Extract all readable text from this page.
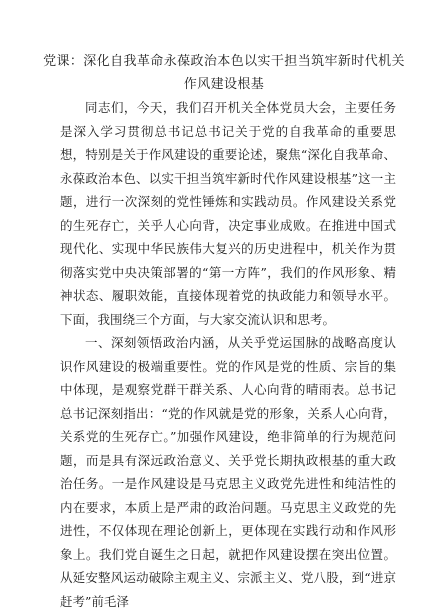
党课：深化自我革命永葆政治本色以实干担当筑牢新时代机关
作风建设根基

同志们，今天，我们召开机关全体党员大会，主要任务是深入学习贯彻总书记总书记关于党的自我革命的重要思想，特别是关于作风建设的重要论述，聚焦“深化自我革命、永葆政治本色、以实干担当筑牢新时代作风建设根基”这一主题，进行一次深刻的党性锤炼和实践动员。作风建设关系党的生死存亡，关乎人心向背，决定事业成败。在推进中国式现代化、实现中华民族伟大复兴的历史进程中，机关作为贯彻落实党中央决策部署的“第一方阵”，我们的作风形象、精神状态、履职效能，直接体现着党的执政能力和领导水平。下面，我围绕三个方面，与大家交流认识和思考。

一、深刻领悟政治内涵，从关乎党运国脉的战略高度认识作风建设的极端重要性。党的作风是党的性质、宗旨的集中体现，是观察党群干群关系、人心向背的晴雨表。总书记总书记深刻指出：“党的作风就是党的形象，关系人心向背，关系党的生死存亡。”加强作风建设，绝非简单的行为规范问题，而是具有深远政治意义、关乎党长期执政根基的重大政治任务。一是作风建设是马克思主义政党先进性和纯洁性的内在要求，本质上是严肃的政治问题。马克思主义政党的先进性，不仅体现在理论创新上，更体现在实践行动和作风形象上。我们党自诞生之日起，就把作风建设摆在突出位置。从延安整风运动破除主观主义、宗派主义、党八股，到“进京赶考”前毛泽
